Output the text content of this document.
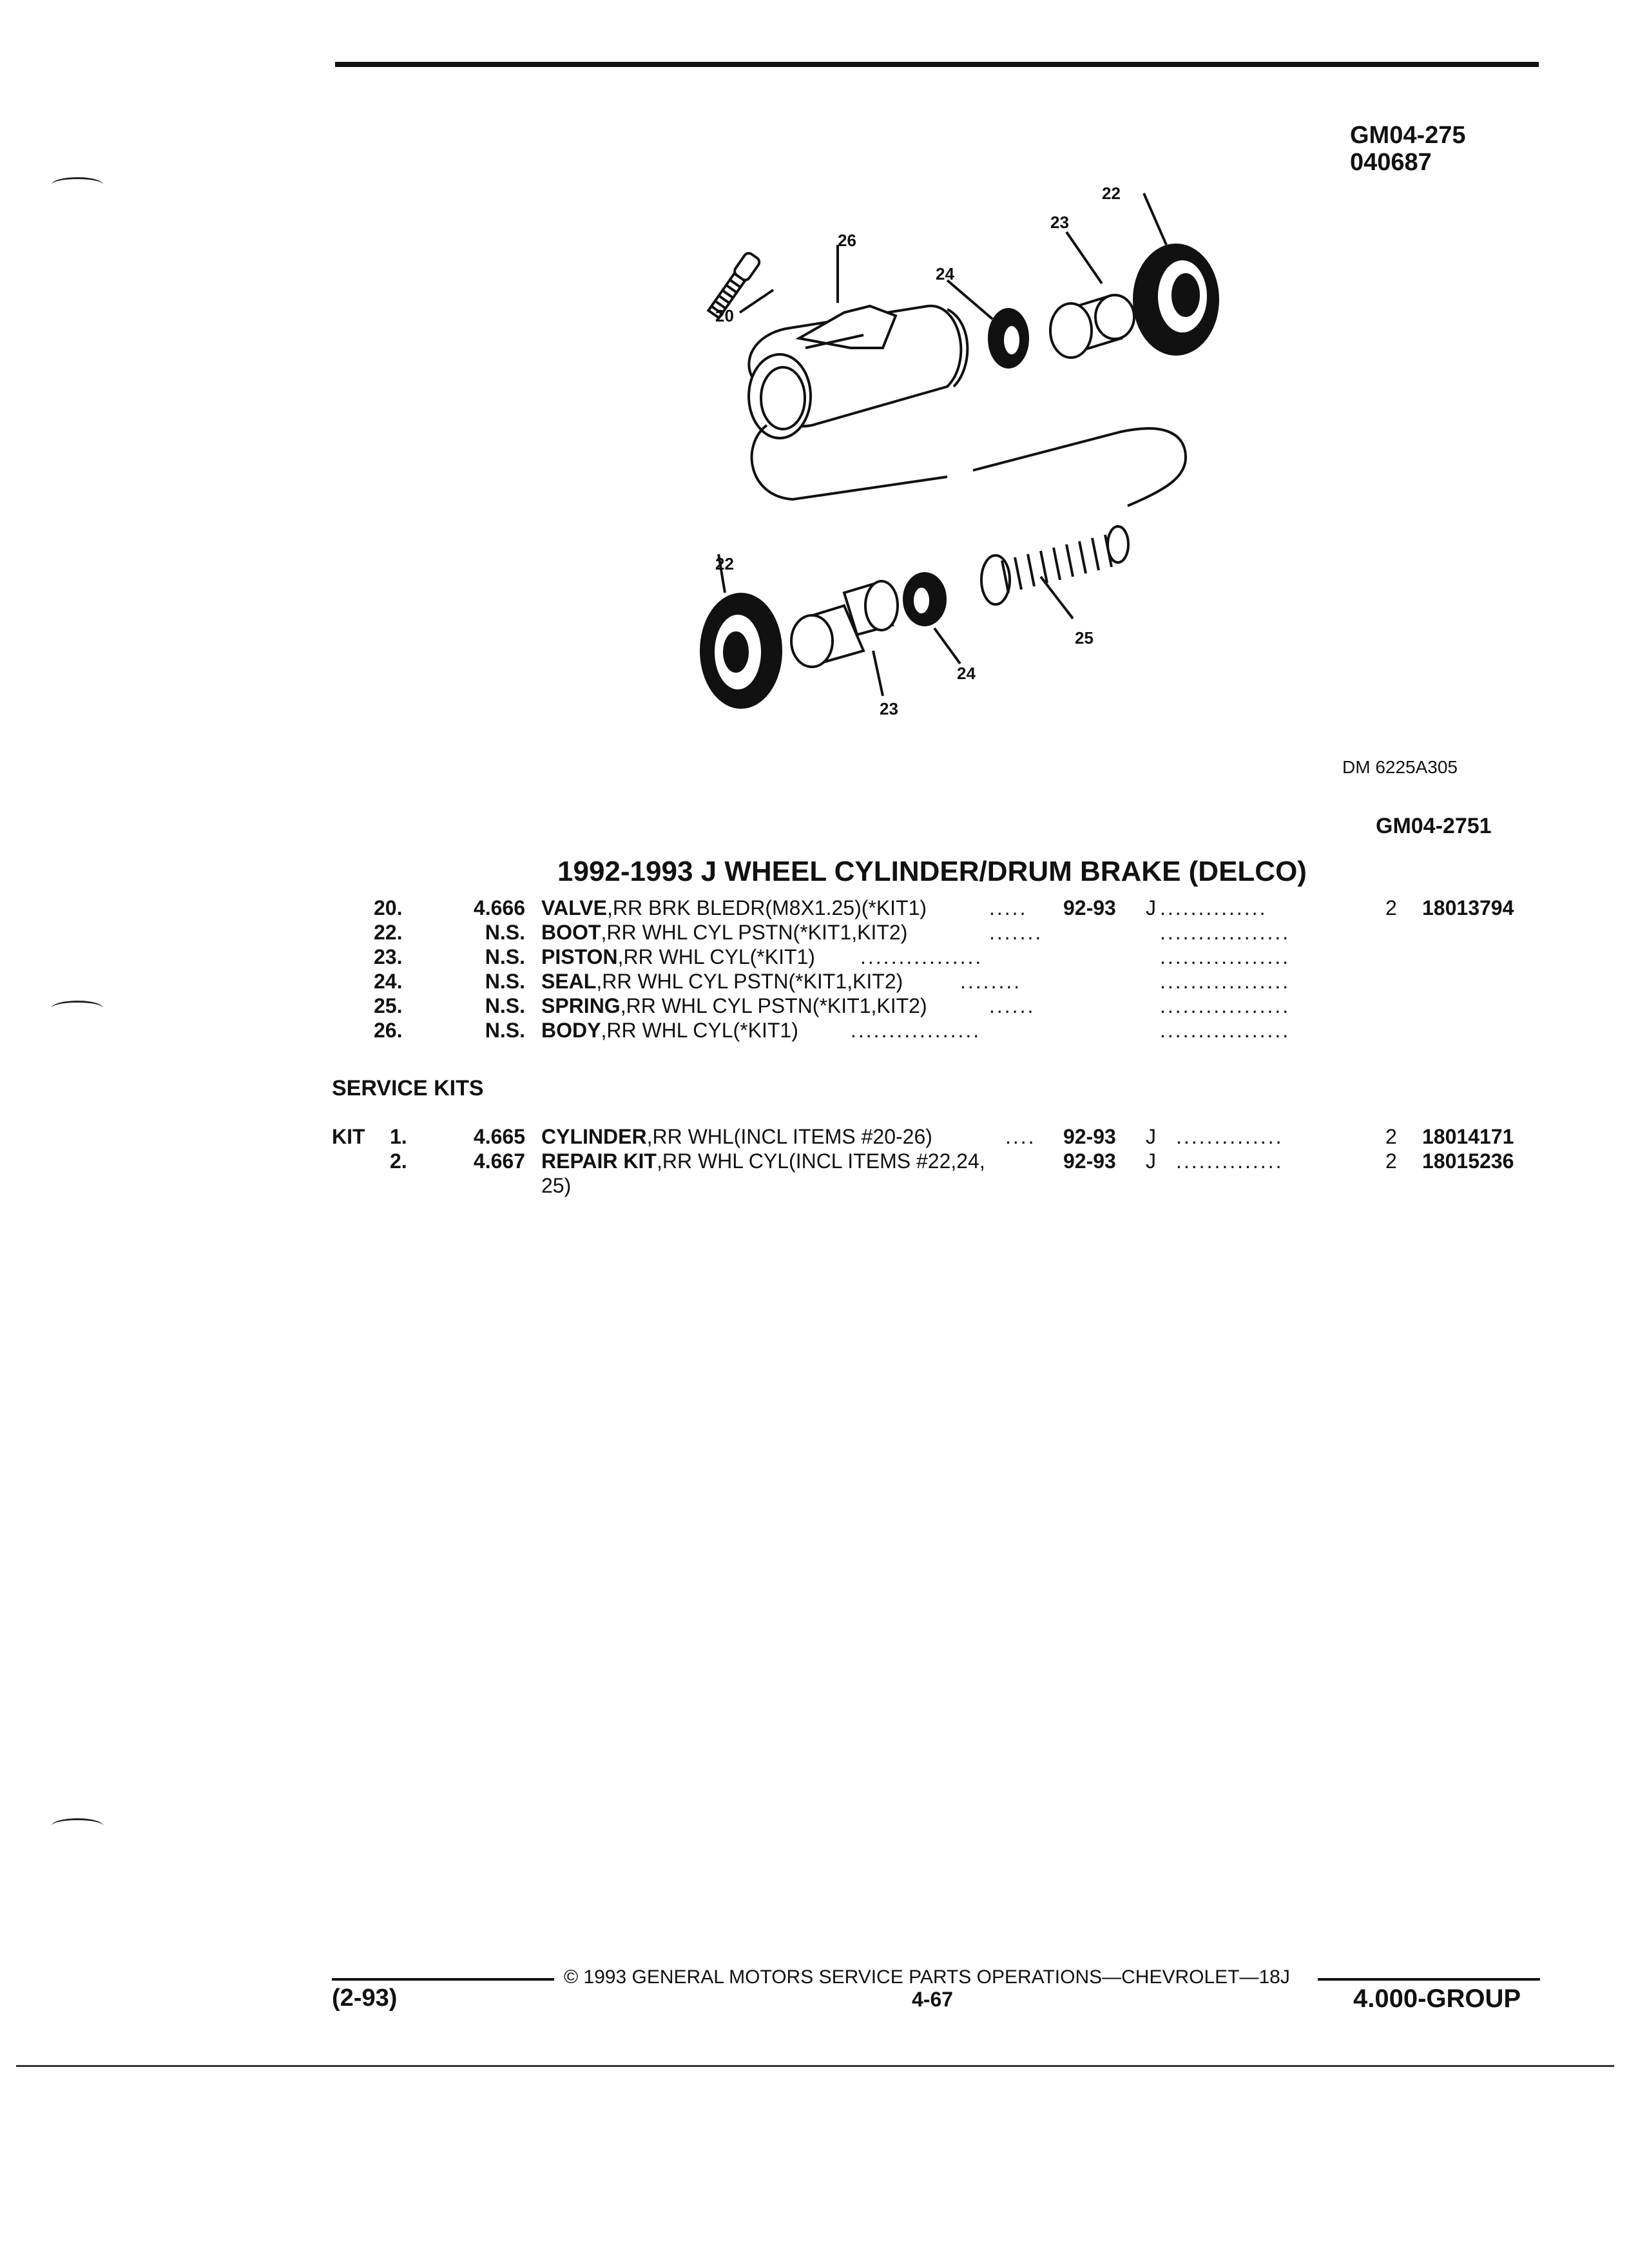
GM04-275
040687
20
26
24
23
22
22
25
24
23
DM 6225A305
GM04-2751
1992-1993 J WHEEL CYLINDER/DRUM BRAKE (DELCO)
20.	4.666 VALVE,RR BRK BLEDR(M8X1.25)(*KIT1)	..... 92-93 J ..............	2 18013794
22.	N.S. BOOT,RR WHL CYL PSTN(*KIT1,KIT2)	.......	.................
23.	N.S. PISTON,RR WHL CYL(*KIT1) ................	.................
24.	N.S. SEAL,RR WHL CYL PSTN(*KIT1,KIT2)	........	.................
25.	N.S. SPRING,RR WHL CYL PSTN(*KIT1,KIT2)	......	.................
26.	N.S. BODY,RR WHL CYL(*KIT1)	.................	.................
SERVICE KITS
KIT 1.	4.665 CYLINDER,RR WHL(INCL ITEMS #20-26)	.... 92-93 J ..............	2 18014171
2.	4.667 REPAIR KIT,RR WHL CYL(INCL ITEMS #22,24,	92-93 J ..............	2 18015236
25)
© 1993 GENERAL MOTORS SERVICE PARTS OPERATIONS—CHEVROLET—18J
(2-93)	4-67	4.000-GROUP
